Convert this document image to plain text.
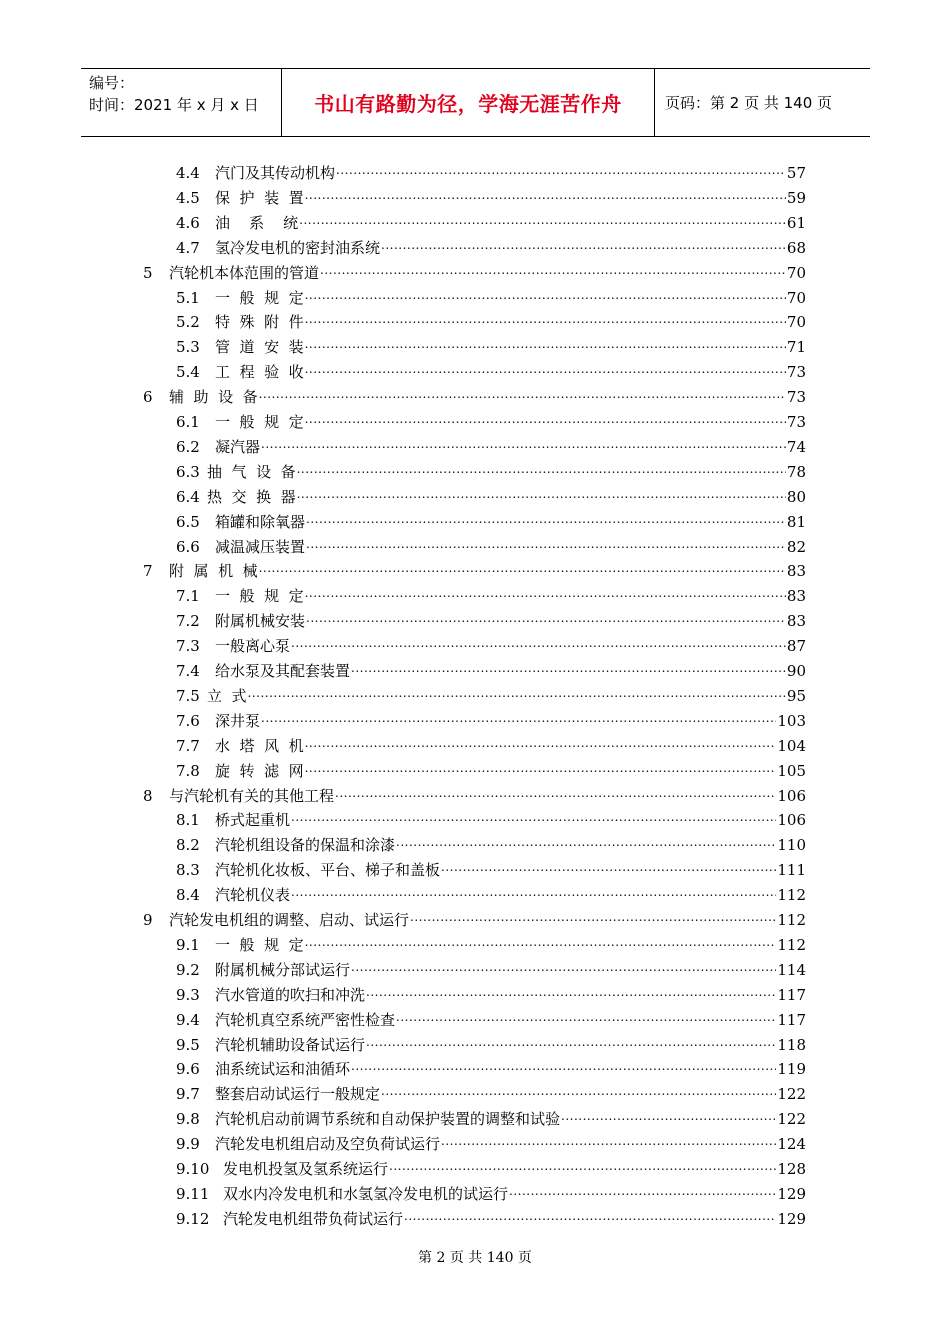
编号：
时间：2021 年 x 月 x 日	书山有路勤为径，学海无涯苦作舟	页码：第 2 页 共 140 页
4.4	汽门及其传动机构 .....	57
4.5	保  护  装  置 .....	59
4.6	油    系    统 .....	61
4.7	氢冷发电机的密封油系统 .....	68
5	汽轮机本体范围的管道 .....	70
5.1	一  般  规  定 .....	70
5.2	特  殊  附  件 .....	70
5.3	管  道  安  装 .....	71
5.4	工  程  验  收 .....	73
6	辅  助  设  备 .....	73
6.1	一  般  规  定 .....	73
6.2	凝汽器 .....	74
6.3 抽  气  设  备 .....	78
6.4 热  交  换  器 .....	80
6.5	箱罐和除氧器 .....	81
6.6	减温减压装置 .....	82
7	附  属  机  械 .....	83
7.1	一  般  规  定 .....	83
7.2	附属机械安装 .....	83
7.3	一般离心泵 .....	87
7.4	给水泵及其配套装置 .....	90
7.5 立  式 .....	95
7.6	深井泵 .....	103
7.7	水  塔  风  机 .....	104
7.8	旋  转  滤  网 .....	105
8	与汽轮机有关的其他工程 .....	106
8.1	桥式起重机 .....	106
8.2	汽轮机组设备的保温和涂漆 .....	110
8.3	汽轮机化妆板、平台、梯子和盖板 .....	111
8.4	汽轮机仪表 .....	112
9	汽轮发电机组的调整、启动、试运行 .....	112
9.1	一  般  规  定 .....	112
9.2	附属机械分部试运行 .....	114
9.3	汽水管道的吹扫和冲洗 .....	117
9.4	汽轮机真空系统严密性检查 .....	117
9.5	汽轮机辅助设备试运行 .....	118
9.6	油系统试运和油循环 .....	119
9.7	整套启动试运行一般规定 .....	122
9.8	汽轮机启动前调节系统和自动保护装置的调整和试验 .....	122
9.9	汽轮发电机组启动及空负荷试运行 .....	124
9.10 发电机投氢及氢系统运行 .....	128
9.11 双水内冷发电机和水氢氢冷发电机的试运行 .....	129
9.12 汽轮发电机组带负荷试运行 .....	129
第 2 页 共 140 页
